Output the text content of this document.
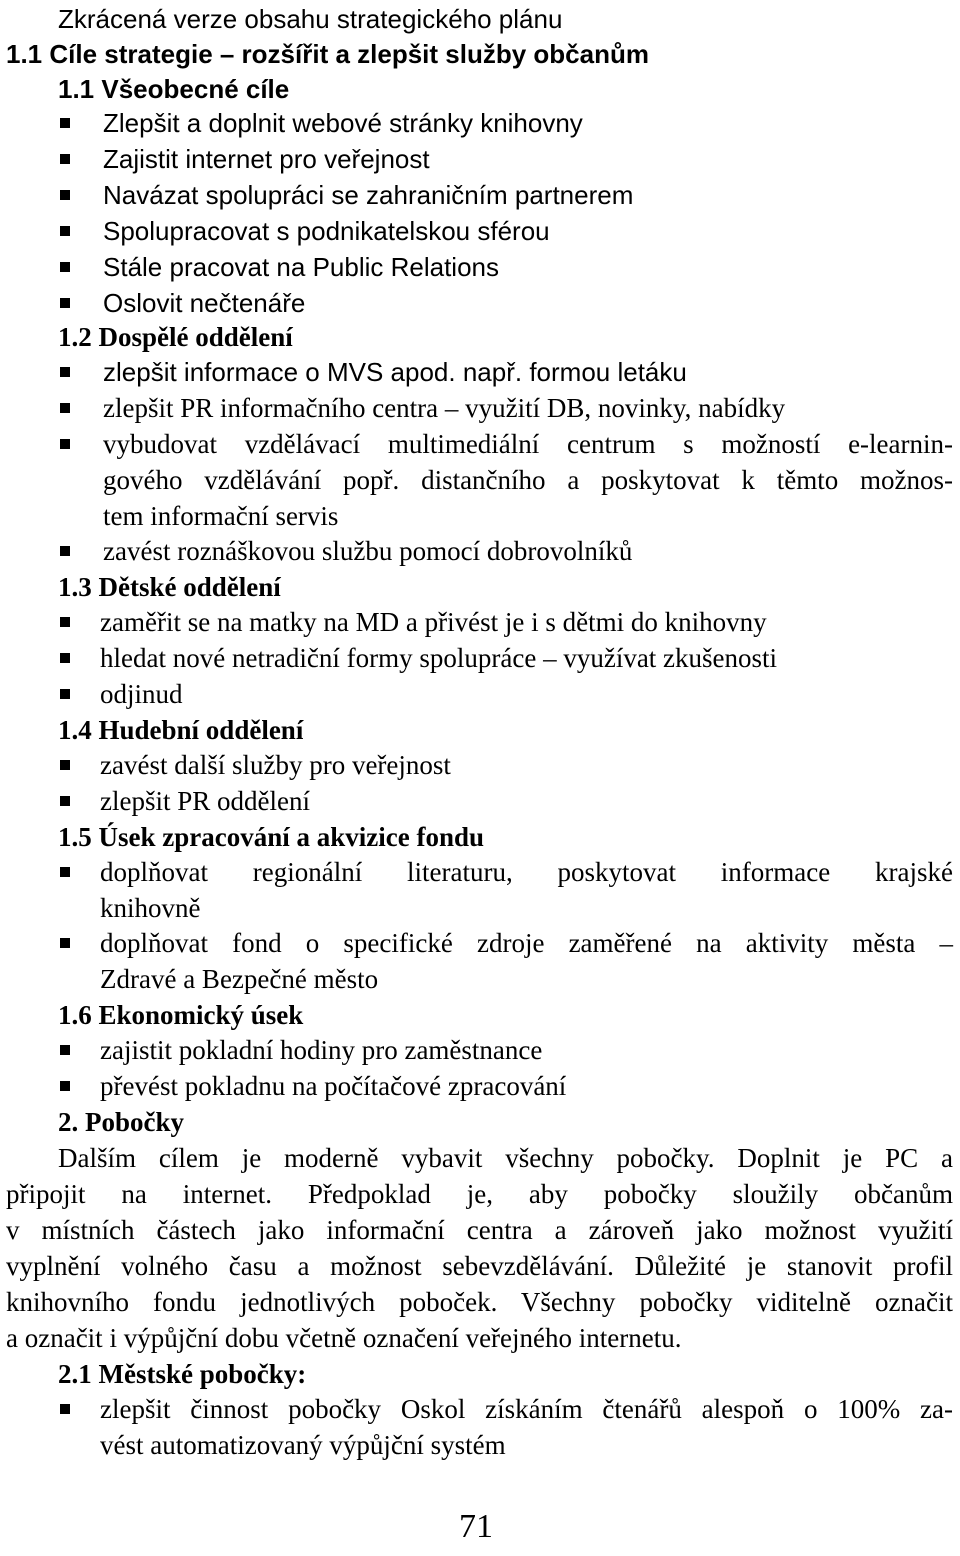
Zkrácená verze obsahu strategického plánu
1.1 Cíle strategie – rozšířit a zlepšit služby občanům
1.1 Všeobecné cíle
Zlepšit a doplnit webové stránky knihovny
Zajistit internet pro veřejnost
Navázat spolupráci se zahraničním partnerem
Spolupracovat s podnikatelskou sférou
Stále pracovat na Public Relations
Oslovit nečtenáře
1.2 Dospělé oddělení
zlepšit informace o MVS apod. např. formou letáku
zlepšit PR informačního centra – využití DB, novinky, nabídky
vybudovat vzdělávací multimediální centrum s možností e-learnin-
gového vzdělávání popř. distančního a poskytovat k těmto možnos-
tem informační servis
zavést roznáškovou službu pomocí dobrovolníků
1.3 Dětské oddělení
zaměřit se na matky na MD a přivést je i s dětmi do knihovny
hledat nové netradiční formy spolupráce – využívat zkušenosti
odjinud
1.4 Hudební oddělení
zavést další služby pro veřejnost
zlepšit PR oddělení
1.5 Úsek zpracování a akvizice fondu
doplňovat regionální literaturu, poskytovat informace krajské
knihovně
doplňovat fond o specifické zdroje zaměřené na aktivity města –
Zdravé a Bezpečné město
1.6 Ekonomický úsek
zajistit pokladní hodiny pro zaměstnance
převést pokladnu na počítačové zpracování
2. Pobočky
Dalším cílem je moderně vybavit všechny pobočky. Doplnit je PC a
připojit na internet. Předpoklad je, aby pobočky sloužily občanům
v místních částech jako informační centra a zároveň jako možnost využití
vyplnění volného času a možnost sebevzdělávání. Důležité je stanovit profil
knihovního fondu jednotlivých poboček. Všechny pobočky viditelně označit
a označit i výpůjční dobu včetně označení veřejného internetu.
2.1 Městské pobočky:
zlepšit činnost pobočky Oskol získáním čtenářů alespoň o 100% za-
vést automatizovaný výpůjční systém
71
